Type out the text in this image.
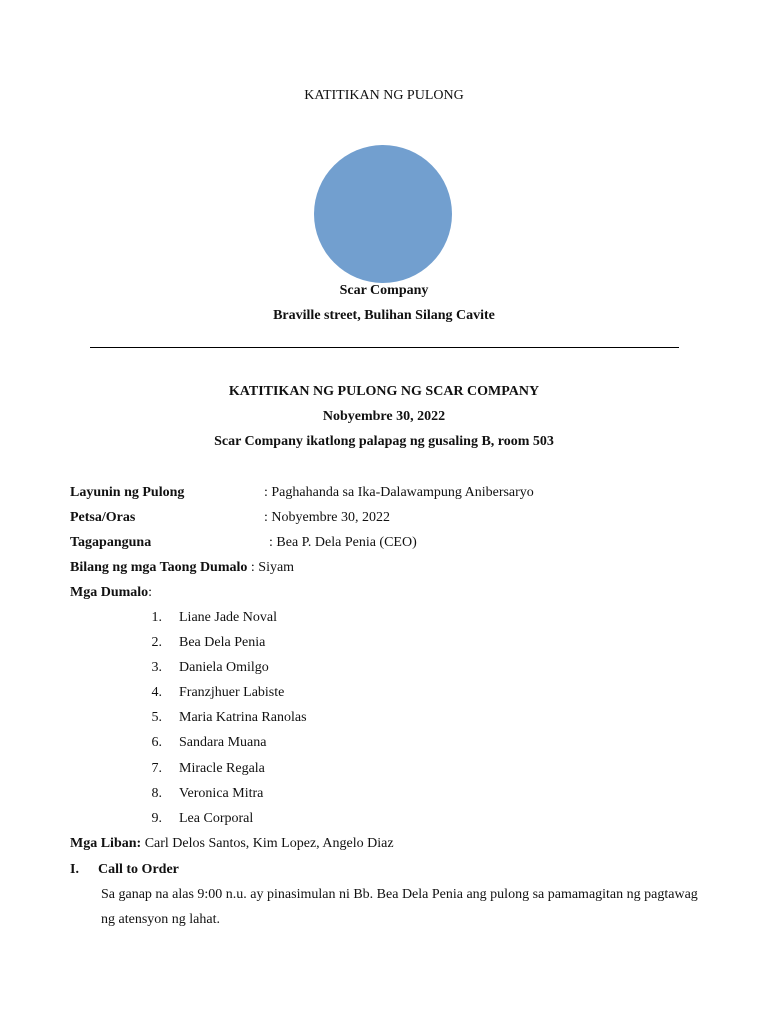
KATITIKAN NG PULONG
Scar Company
Braville street, Bulihan Silang Cavite
KATITIKAN NG PULONG NG SCAR COMPANY
Nobyembre 30, 2022
Scar Company ikatlong palapag ng gusaling B, room 503
Layunin ng Pulong	: Paghahanda sa Ika-Dalawampung Anibersaryo
Petsa/Oras	: Nobyembre 30, 2022
Tagapanguna	: Bea P. Dela Penia (CEO)
Bilang ng mga Taong Dumalo : Siyam
Mga Dumalo:
1. Liane Jade Noval
2. Bea Dela Penia
3. Daniela Omilgo
4. Franzjhuer Labiste
5. Maria Katrina Ranolas
6. Sandara Muana
7. Miracle Regala
8. Veronica Mitra
9. Lea Corporal
Mga Liban: Carl Delos Santos, Kim Lopez, Angelo Diaz
I. Call to Order
Sa ganap na alas 9:00 n.u. ay pinasimulan ni Bb. Bea Dela Penia ang pulong sa pamamagitan ng pagtawag ng atensyon ng lahat.
